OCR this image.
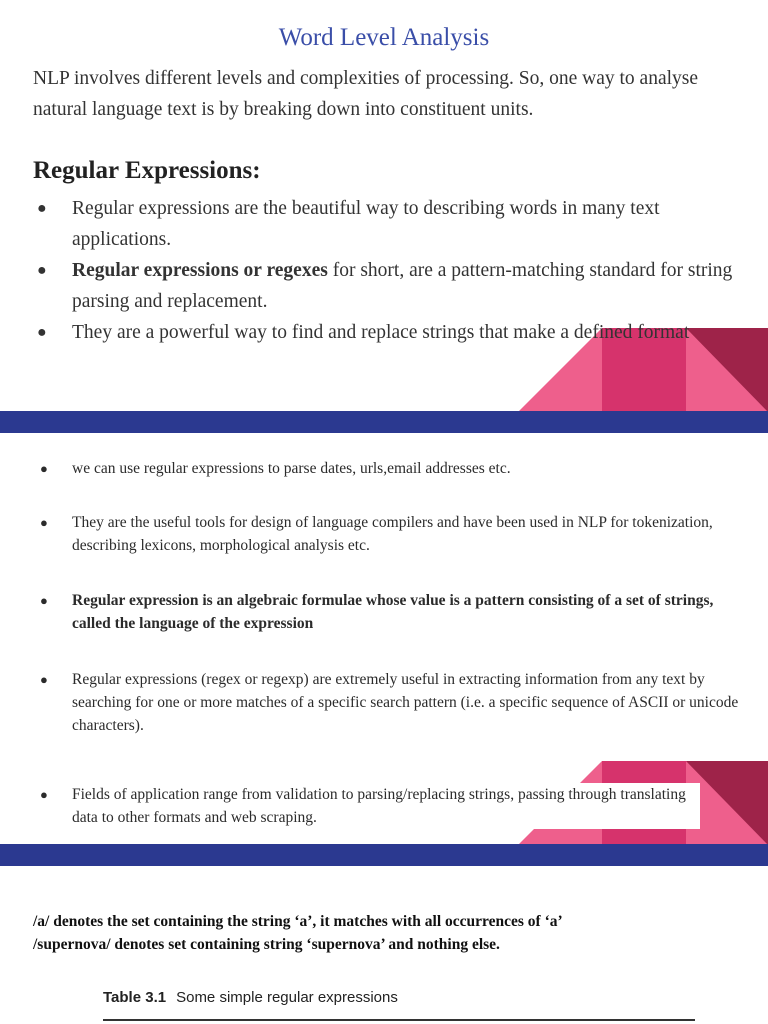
Word Level Analysis
NLP involves different levels and complexities of processing. So, one way to analyse natural language text is by breaking down into constituent units.
Regular Expressions:
● Regular expressions are the beautiful way to describing words in many text applications.
● Regular expressions or regexes for short, are a pattern-matching standard for string parsing and replacement.
● They are a powerful way to find and replace strings that make a defined format
● we can use regular expressions to parse dates, urls,email addresses etc.
● They are the useful tools for design of language compilers and have been used in NLP for tokenization, describing lexicons, morphological analysis etc.
● Regular expression is an algebraic formulae whose value is a pattern consisting of a set of strings, called the language of the expression
● Regular expressions (regex or regexp) are extremely useful in extracting information from any text by searching for one or more matches of a specific search pattern (i.e. a specific sequence of ASCII or unicode characters).
● Fields of application range from validation to parsing/replacing strings, passing through translating data to other formats and web scraping.
/a/ denotes the set containing the string ‘a’, it matches with all occurrences of ‘a’
/supernova/ denotes set containing string ‘supernova’ and nothing else.
Table 3.1 Some simple regular expressions
